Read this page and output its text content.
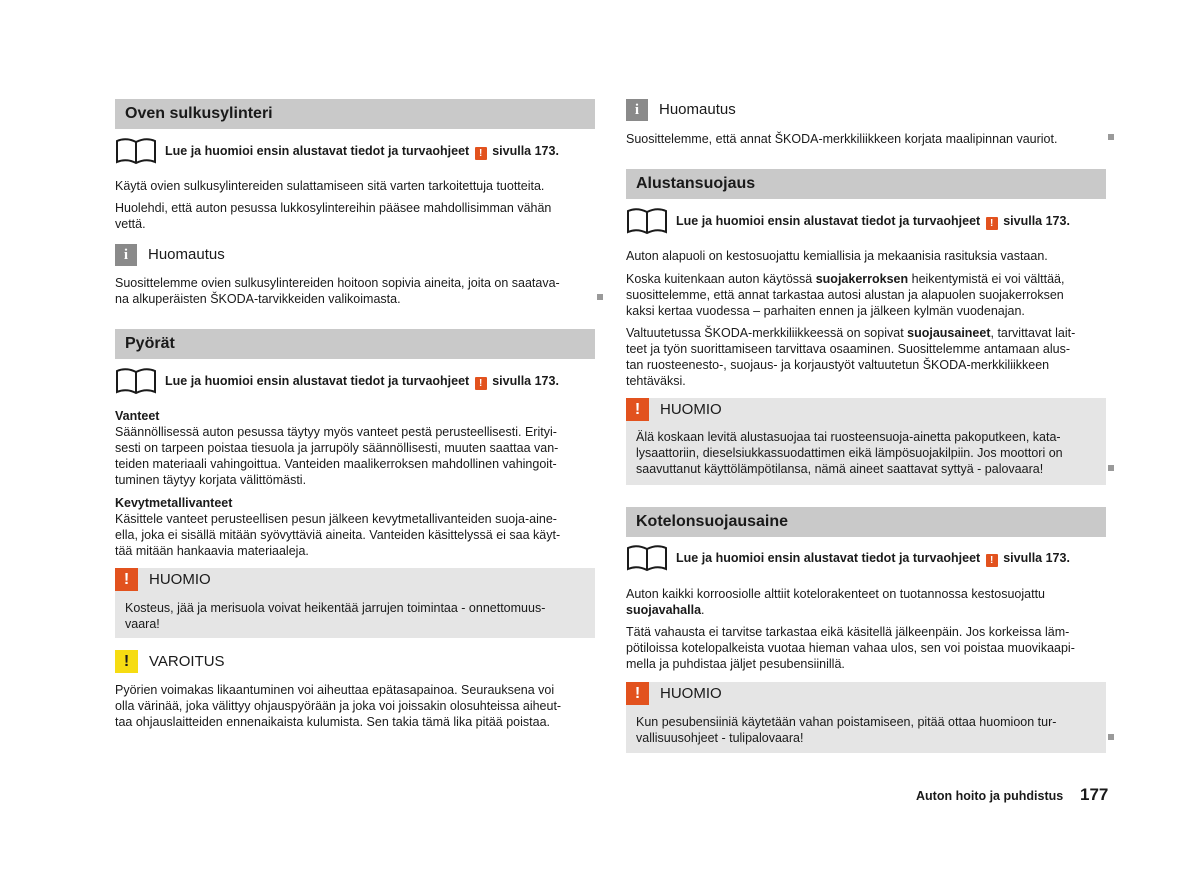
Oven sulkusylinteri
Lue ja huomioi ensin alustavat tiedot ja turvaohjeet ! sivulla 173.

Käytä ovien sulkusylintereiden sulattamiseen sitä varten tarkoitettuja tuotteita.

Huolehdi, että auton pesussa lukkosylintereihin pääsee mahdollisimman vähän

vettä.

i	Huomautus

Suosittelemme ovien sulkusylintereiden hoitoon sopivia aineita, joita on saatava-

na alkuperäisten ŠKODA-tarvikkeiden valikoimasta.

Pyörät
Lue ja huomioi ensin alustavat tiedot ja turvaohjeet ! sivulla 173.
Vanteet

Säännöllisessä auton pesussa täytyy myös vanteet pestä perusteellisesti. Erityi-

sesti on tarpeen poistaa tiesuola ja jarrupöly säännöllisesti, muuten saattaa van-

teiden materiaali vahingoittua. Vanteiden maalikerroksen mahdollinen vahingoit-

tuminen täytyy korjata välittömästi.

Kevytmetallivanteet

Käsittele vanteet perusteellisen pesun jälkeen kevytmetallivanteiden suoja-aine-

ella, joka ei sisällä mitään syövyttäviä aineita. Vanteiden käsittelyssä ei saa käyt-

tää mitään hankaavia materiaaleja.

!	HUOMIO

Kosteus, jää ja merisuola voivat heikentää jarrujen toimintaa - onnettomuus-

vaara!

!	VAROITUS

Pyörien voimakas likaantuminen voi aiheuttaa epätasapainoa. Seurauksena voi

olla värinää, joka välittyy ohjauspyörään ja joka voi joissakin olosuhteissa aiheut-

taa ohjauslaitteiden ennenaikaista kulumista. Sen takia tämä lika pitää poistaa.

i	Huomautus

Suosittelemme, että annat ŠKODA-merkkiliikkeen korjata maalipinnan vauriot.

Alustansuojaus
Lue ja huomioi ensin alustavat tiedot ja turvaohjeet ! sivulla 173.

Auton alapuoli on kestosuojattu kemiallisia ja mekaanisia rasituksia vastaan.

Koska kuitenkaan auton käytössä suojakerroksen heikentymistä ei voi välttää,

suosittelemme, että annat tarkastaa autosi alustan ja alapuolen suojakerroksen

kaksi kertaa vuodessa – parhaiten ennen ja jälkeen kylmän vuodenajan.

Valtuutetussa ŠKODA-merkkiliikkeessä on sopivat suojausaineet, tarvittavat lait-

teet ja työn suorittamiseen tarvittava osaaminen. Suosittelemme antamaan alus-

tan ruosteenesto-, suojaus- ja korjaustyöt valtuutetun ŠKODA-merkkiliikkeen

tehtäväksi.

!	HUOMIO

Älä koskaan levitä alustasuojaa tai ruosteensuoja-ainetta pakoputkeen, kata-

lysaattoriin, dieselsiukkassuodattimen eikä lämpösuojakilpiin. Jos moottori on

saavuttanut käyttölämpötilansa, nämä aineet saattavat syttyä - palovaara!

Kotelonsuojausaine
Lue ja huomioi ensin alustavat tiedot ja turvaohjeet ! sivulla 173.

Auton kaikki korroosiolle alttiit kotelorakenteet on tuotannossa kestosuojattu

suojavahalla.

Tätä vahausta ei tarvitse tarkastaa eikä käsitellä jälkeenpäin. Jos korkeissa läm-

pötiloissa kotelopalkeista vuotaa hieman vahaa ulos, sen voi poistaa muovikaapi-

mella ja puhdistaa jäljet pesubensiinillä.

!	HUOMIO

Kun pesubensiiniä käytetään vahan poistamiseen, pitää ottaa huomioon tur-

vallisuusohjeet - tulipalovaara!

Auton hoito ja puhdistus 177
